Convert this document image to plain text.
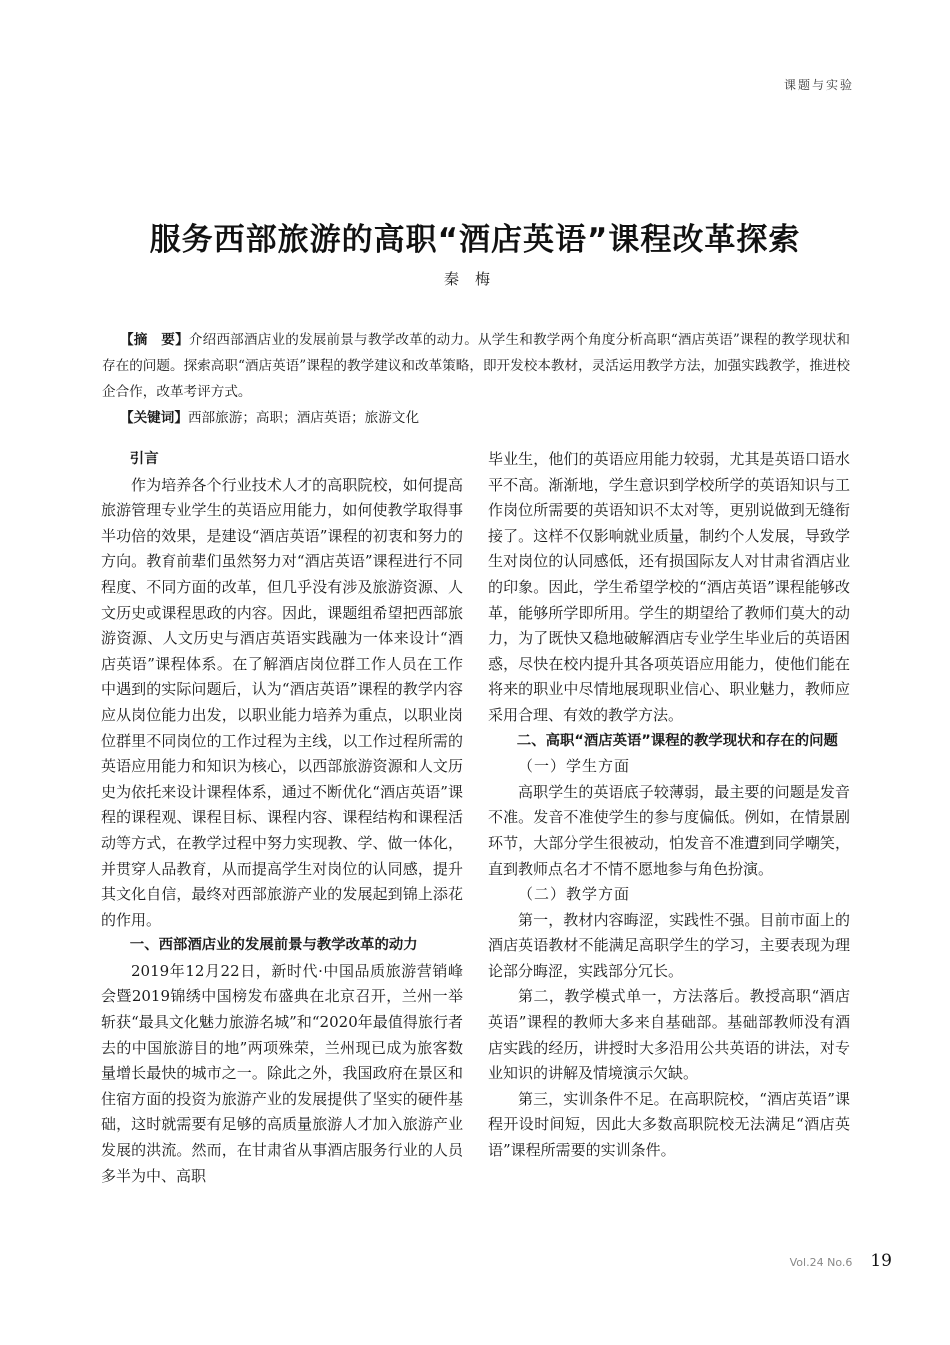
课题与实验
服务西部旅游的高职“酒店英语”课程改革探索
秦梅

【摘　要】介绍西部酒店业的发展前景与教学改革的动力。从学生和教学两个角度分析高职“酒店英语”课程的教学现状和存在的问题。探索高职“酒店英语”课程的教学建议和改革策略，即开发校本教材，灵活运用教学方法，加强实践教学，推进校企合作，改革考评方式。

【关键词】西部旅游；高职；酒店英语；旅游文化

引言

作为培养各个行业技术人才的高职院校，如何提高旅游管理专业学生的英语应用能力，如何使教学取得事半功倍的效果，是建设“酒店英语”课程的初衷和努力的方向。教育前辈们虽然努力对“酒店英语”课程进行不同程度、不同方面的改革，但几乎没有涉及旅游资源、人文历史或课程思政的内容。因此，课题组希望把西部旅游资源、人文历史与酒店英语实践融为一体来设计“酒店英语”课程体系。在了解酒店岗位群工作人员在工作中遇到的实际问题后，认为“酒店英语”课程的教学内容应从岗位能力出发，以职业能力培养为重点，以职业岗位群里不同岗位的工作过程为主线，以工作过程所需的英语应用能力和知识为核心，以西部旅游资源和人文历史为依托来设计课程体系，通过不断优化“酒店英语”课程的课程观、课程目标、课程内容、课程结构和课程活动等方式，在教学过程中努力实现教、学、做一体化，并贯穿人品教育，从而提高学生对岗位的认同感，提升其文化自信，最终对西部旅游产业的发展起到锦上添花的作用。

一、西部酒店业的发展前景与教学改革的动力

2019年12月22日，新时代·中国品质旅游营销峰会暨2019锦绣中国榜发布盛典在北京召开，兰州一举斩获“最具文化魅力旅游名城”和“2020年最值得旅行者去的中国旅游目的地”两项殊荣，兰州现已成为旅客数量增长最快的城市之一。除此之外，我国政府在景区和住宿方面的投资为旅游产业的发展提供了坚实的硬件基础，这时就需要有足够的高质量旅游人才加入旅游产业发展的洪流。然而，在甘肃省从事酒店服务行业的人员多半为中、高职

毕业生，他们的英语应用能力较弱，尤其是英语口语水平不高。渐渐地，学生意识到学校所学的英语知识与工作岗位所需要的英语知识不太对等，更别说做到无缝衔接了。这样不仅影响就业质量，制约个人发展，导致学生对岗位的认同感低，还有损国际友人对甘肃省酒店业的印象。因此，学生希望学校的“酒店英语”课程能够改革，能够所学即所用。学生的期望给了教师们莫大的动力，为了既快又稳地破解酒店专业学生毕业后的英语困惑，尽快在校内提升其各项英语应用能力，使他们能在将来的职业中尽情地展现职业信心、职业魅力，教师应采用合理、有效的教学方法。

二、高职“酒店英语”课程的教学现状和存在的问题

（一）学生方面

高职学生的英语底子较薄弱，最主要的问题是发音不准。发音不准使学生的参与度偏低。例如，在情景剧环节，大部分学生很被动，怕发音不准遭到同学嘲笑，直到教师点名才不情不愿地参与角色扮演。

（二）教学方面

第一，教材内容晦涩，实践性不强。目前市面上的酒店英语教材不能满足高职学生的学习，主要表现为理论部分晦涩，实践部分冗长。

第二，教学模式单一，方法落后。教授高职“酒店英语”课程的教师大多来自基础部。基础部教师没有酒店实践的经历，讲授时大多沿用公共英语的讲法，对专业知识的讲解及情境演示欠缺。

第三，实训条件不足。在高职院校，“酒店英语”课程开设时间短，因此大多数高职院校无法满足“酒店英语”课程所需要的实训条件。

Vol.24 No.6 19
